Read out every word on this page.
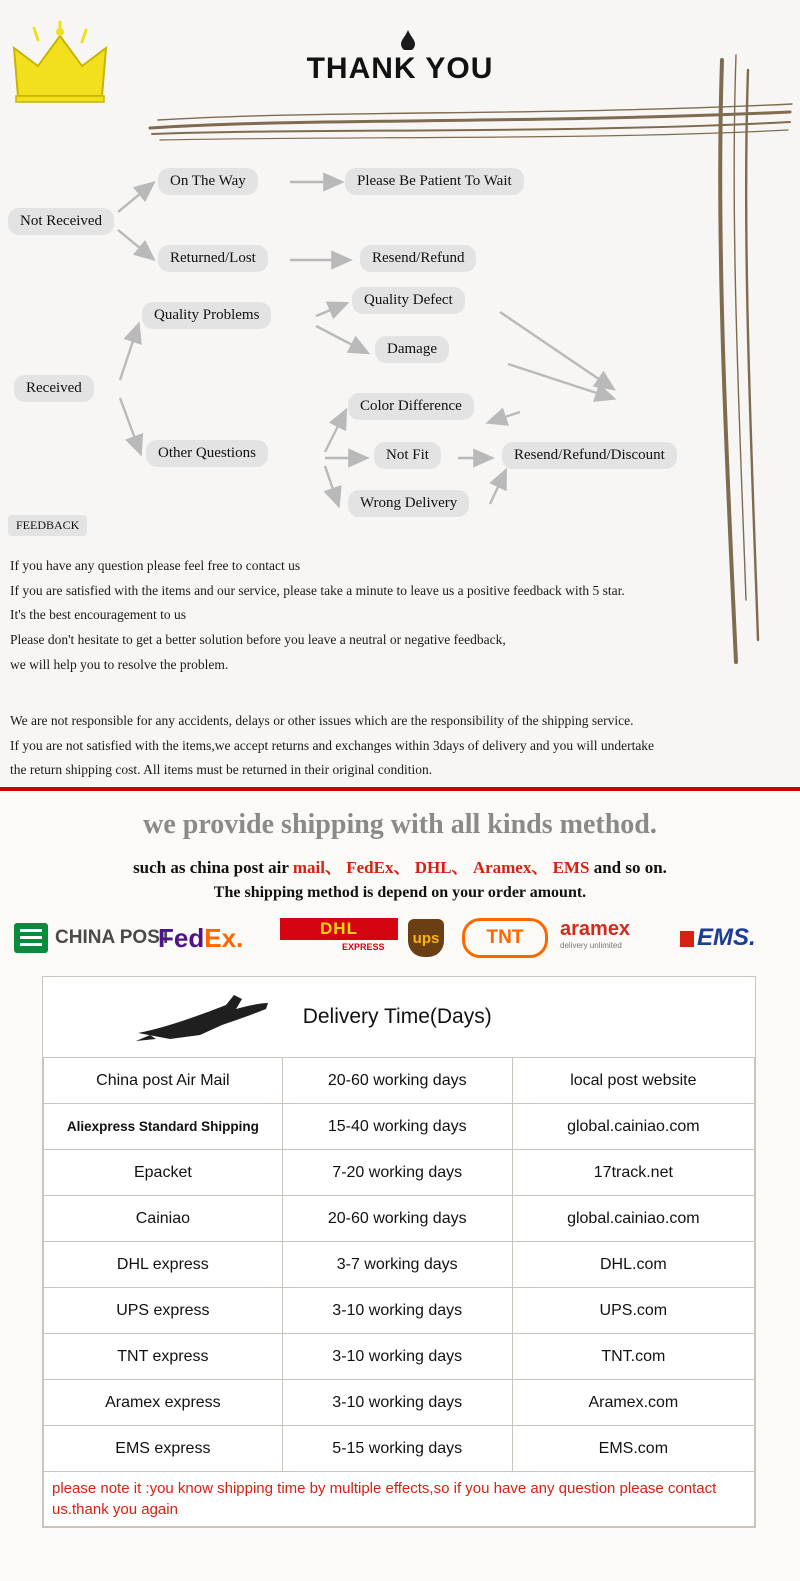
THANK YOU
Not Received
On The Way	Please Be Patient To Wait
Returned/Lost	Resend/Refund
Received
Quality Problems
Quality Defect
Damage
Other Questions
Color Difference
Not Fit
Wrong Delivery
Resend/Refund/Discount
FEEDBACK
If you have any question please feel free to contact us
If you are satisfied with the items and our service, please take a minute to leave us a positive feedback with 5 star.
It's the best encouragement to us
Please don't hesitate to get a better solution before you leave a neutral or negative feedback,
we will help you to resolve the problem.
We are not responsible for any accidents, delays or other issues which are the responsibility of the shipping service.
If you are not satisfied with the items,we accept returns and exchanges within 3days of delivery and you will undertake
the return shipping cost. All items must be returned in their original condition.
we provide shipping with all kinds method.
such as china post air mail、 FedEx、 DHL、 Aramex、 EMS and so on.
The shipping method is depend on your order amount.
CHINA POST
Fed Ex.	DHL
EXPRESS
ups	TNT	aramex
delivery unlimited	EMS.
	Delivery Time(Days)	
China post Air Mail	20-60 working days	local post website
Aliexpress Standard Shipping	15-40 working days	global.cainiao.com
Epacket	7-20 working days	17track.net
Cainiao	20-60 working days	global.cainiao.com
DHL express	3-7 working days	DHL.com
UPS express	3-10 working days	UPS.com
TNT express	3-10 working days	TNT.com
Aramex express	3-10 working days	Aramex.com
EMS express	5-15 working days	EMS.com
please note it :you know shipping time by multiple effects,so if you have any question please contact us.thank you again		
